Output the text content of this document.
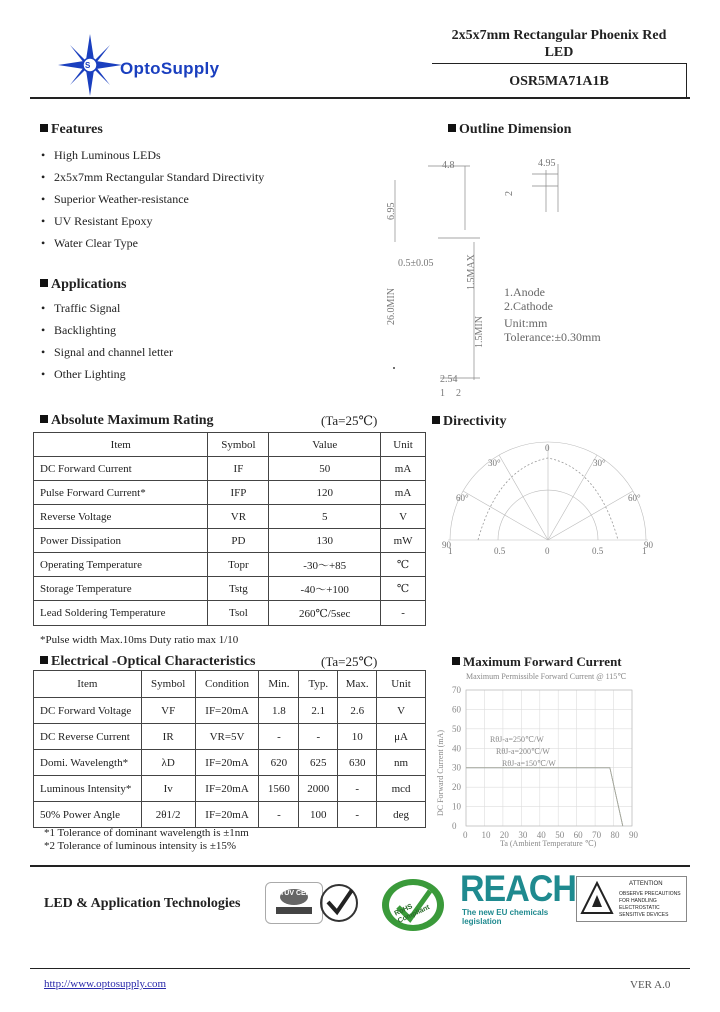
S OptoSupply
2x5x7mm Rectangular Phoenix Red
LED
OSR5MA71A1B
Features
• High Luminous LEDs
• 2x5x7mm Rectangular Standard Directivity
• Superior Weather-resistance
• UV Resistant Epoxy
• Water Clear Type
Applications
• Traffic Signal
• Backlighting
• Signal and channel letter
• Other Lighting
Outline Dimension
4.8	4.95
2
6.95
0.5±0.05	1.5MAX
26.0MIN
1.5MIN
2.54
1 2
1.Anode
2.Cathode
Unit:mm
Tolerance:±0.30mm
Absolute Maximum Rating	(Ta=25℃)
Item	Symbol	Value	Unit
DC Forward Current	IF	50	mA
Pulse Forward Current*	IFP	120	mA
Reverse Voltage	VR	5	V
Power Dissipation	PD	130	mW
Operating Temperature	Topr	-30～+85	℃
Storage Temperature	Tstg	-40～+100	℃
Lead Soldering Temperature	Tsol	260℃/5sec	-
*Pulse width Max.10ms Duty ratio max 1/10
Directivity
0
30°	30°
60°	60°
90	90
1	0.5	0	0.5	1
Electrical -Optical Characteristics	(Ta=25℃)
Item	Symbol	Condition	Min.	Typ.	Max.	Unit
DC Forward Voltage	VF	IF=20mA	1.8	2.1	2.6	V
DC Reverse Current	IR	VR=5V	-	-	10	μA
Domi. Wavelength*	λD	IF=20mA	620	625	630	nm
Luminous Intensity*	Iv	IF=20mA	1560	2000	-	mcd
50% Power Angle	2θ1/2	IF=20mA	-	100	-	deg
*1 Tolerance of dominant wavelength is ±1nm
*2 Tolerance of luminous intensity is ±15%
Maximum Forward Current
Maximum Permissible Forward Current @ 115℃
DC Forward Current (mA)
Ta (Ambient Temperature ℃)
0 10 20 30 40 50 60 70 80 90
0
10
20
30
40
50
60
70
RθJ-a=250℃/W
RθJ-a=200℃/W
RθJ-a=150℃/W
LED & Application Technologies
TÜV CERT
RoHS Compliant
REACH
The new EU chemicals legislation
ATTENTION
OBSERVE PRECAUTIONS
FOR HANDLING
ELECTROSTATIC
SENSITIVE DEVICES
http://www.optosupply.com	VER A.0
